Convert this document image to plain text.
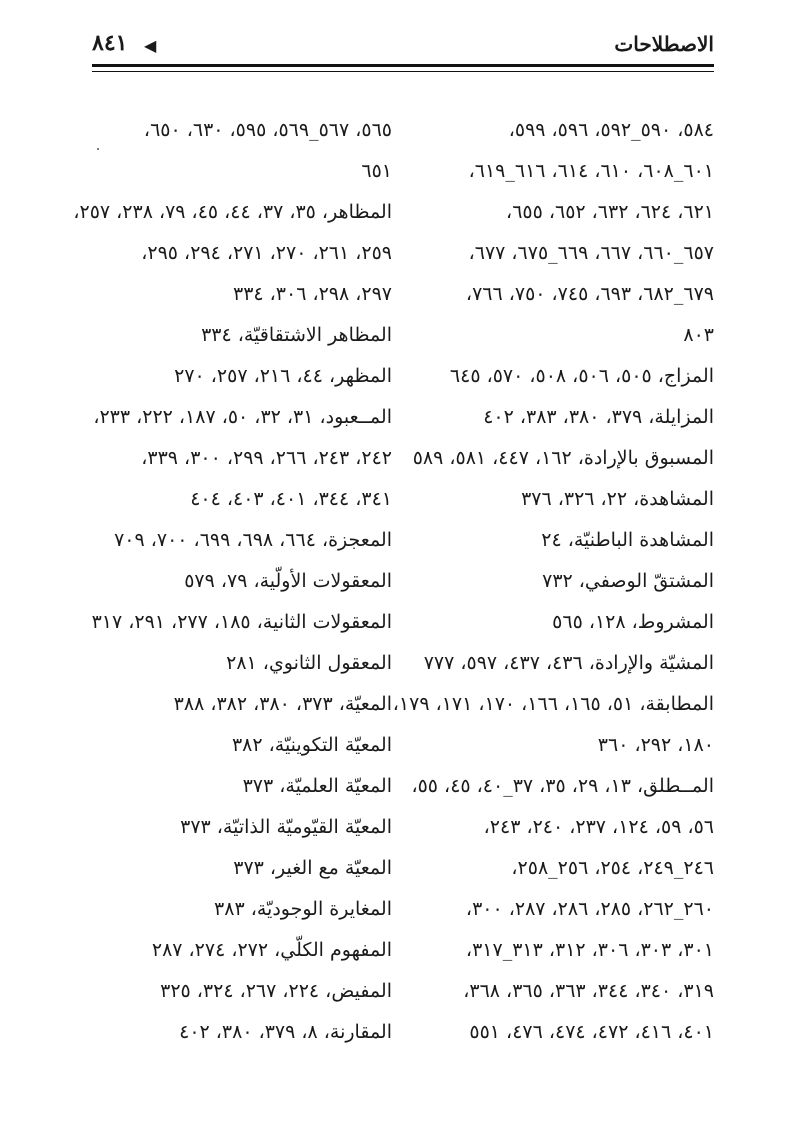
٨٤١ ◀	الاصطلاحات
٥٨٤، ٥٩٠_٥٩٢، ٥٩٦، ٥٩٩،
٦٠١_٦٠٨، ٦١٠، ٦١٤، ٦١٦_٦١٩،
٦٢١، ٦٢٤، ٦٣٢، ٦٥٢، ٦٥٥،
٦٥٧_٦٦٠، ٦٦٧، ٦٦٩_٦٧٥، ٦٧٧،
٦٧٩_٦٨٢، ٦٩٣، ٧٤٥، ٧٥٠، ٧٦٦،
٨٠٣
المزاج، ٥٠٥، ٥٠٦، ٥٠٨، ٥٧٠، ٦٤٥
المزايلة، ٣٧٩، ٣٨٠، ٣٨٣، ٤٠٢
المسبوق بالإرادة، ١٦٢، ٤٤٧، ٥٨١، ٥٨٩
المشاهدة، ٢٢، ٣٢٦، ٣٧٦
المشاهدة الباطنيّة، ٢٤
المشتقّ الوصفي، ٧٣٢
المشروط، ١٢٨، ٥٦٥
المشيّة والإرادة، ٤٣٦، ٤٣٧، ٥٩٧، ٧٧٧
المطابقة، ٥١، ١٦٥، ١٦٦، ١٧٠، ١٧١، ١٧٩،
١٨٠، ٢٩٢، ٣٦٠
المــطلق، ١٣، ٢٩، ٣٥، ٣٧_٤٠، ٤٥، ٥٥،
٥٦، ٥٩، ١٢٤، ٢٣٧، ٢٤٠، ٢٤٣،
٢٤٦_٢٤٩، ٢٥٤، ٢٥٦_٢٥٨،
٢٦٠_٢٦٢، ٢٨٥، ٢٨٦، ٢٨٧، ٣٠٠،
٣٠١، ٣٠٣، ٣٠٦، ٣١٢، ٣١٣_٣١٧،
٣١٩، ٣٤٠، ٣٤٤، ٣٦٣، ٣٦٥، ٣٦٨،
٤٠١، ٤١٦، ٤٧٢، ٤٧٤، ٤٧٦، ٥٥١
٥٦٥، ٥٦٧_٥٦٩، ٥٩٥، ٦٣٠، ٦٥٠،
٦٥١
المظاهر، ٣٥، ٣٧، ٤٤، ٤٥، ٧٩، ٢٣٨، ٢٥٧،
٢٥٩، ٢٦١، ٢٧٠، ٢٧١، ٢٩٤، ٢٩٥،
٢٩٧، ٢٩٨، ٣٠٦، ٣٣٤
المظاهر الاشتقاقيّة، ٣٣٤
المظهر، ٤٤، ٢١٦، ٢٥٧، ٢٧٠
المــعبود، ٣١، ٣٢، ٥٠، ١٨٧، ٢٢٢، ٢٣٣،
٢٤٢، ٢٤٣، ٢٦٦، ٢٩٩، ٣٠٠، ٣٣٩،
٣٤١، ٣٤٤، ٤٠١، ٤٠٣، ٤٠٤
المعجزة، ٦٦٤، ٦٩٨، ٦٩٩، ٧٠٠، ٧٠٩
المعقولات الأولّية، ٧٩، ٥٧٩
المعقولات الثانية، ١٨٥، ٢٧٧، ٢٩١، ٣١٧
المعقول الثانوي، ٢٨١
المعيّة، ٣٧٣، ٣٨٠، ٣٨٢، ٣٨٨
المعيّة التكوينيّة، ٣٨٢
المعيّة العلميّة، ٣٧٣
المعيّة القيّوميّة الذاتيّة، ٣٧٣
المعيّة مع الغير، ٣٧٣
المغايرة الوجوديّة، ٣٨٣
المفهوم الكلّي، ٢٧٢، ٢٧٤، ٢٨٧
المفيض، ٢٢٤، ٢٦٧، ٣٢٤، ٣٢٥
المقارنة، ٨، ٣٧٩، ٣٨٠، ٤٠٢
